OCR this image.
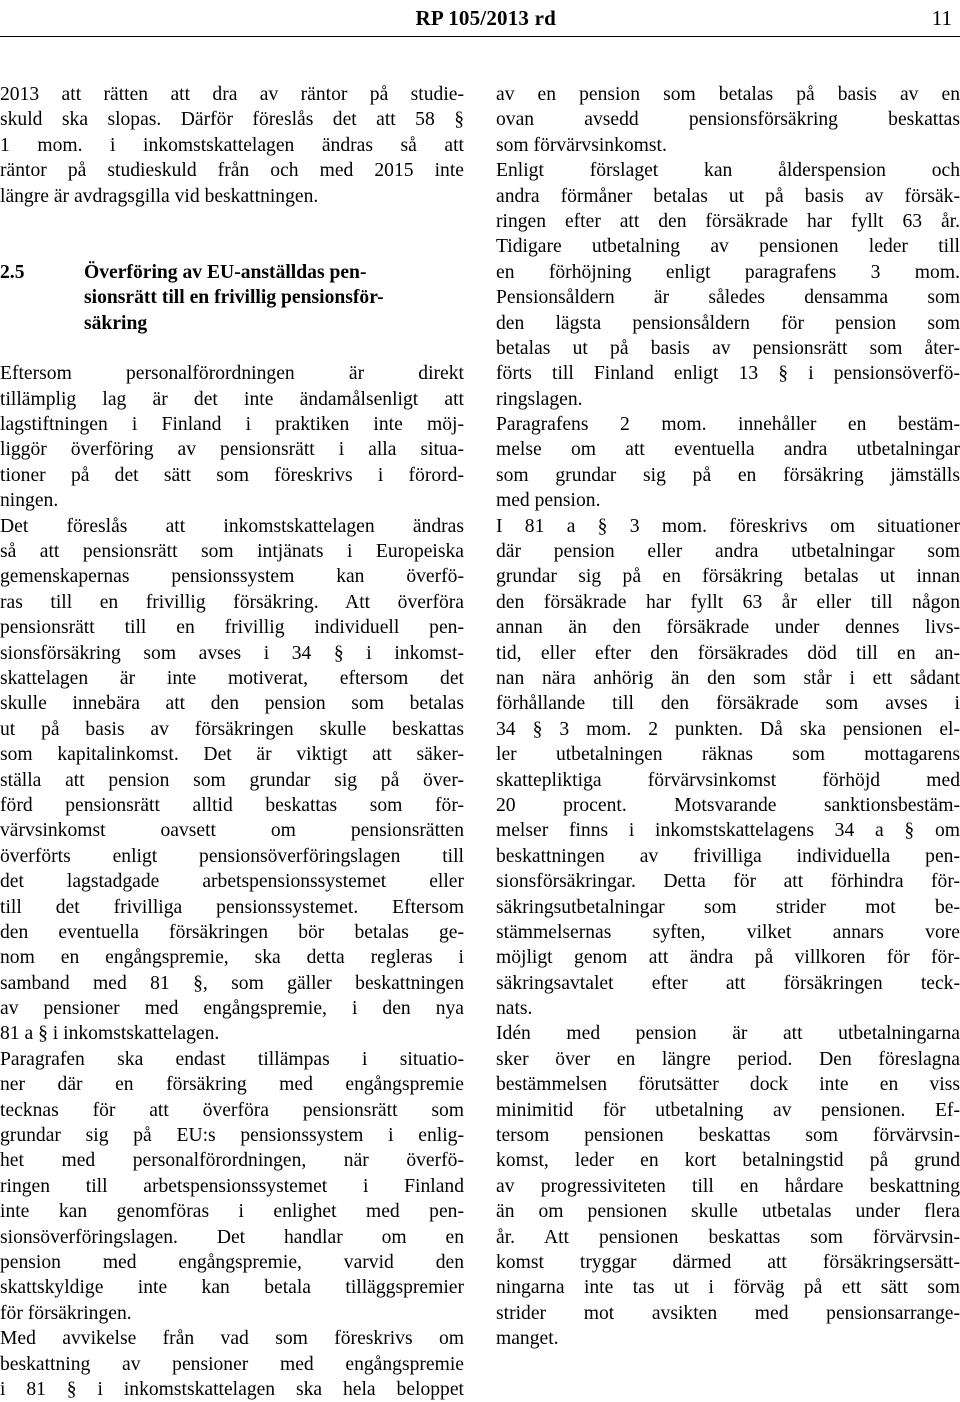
RP 105/2013 rd	11
2013 att rätten att dra av räntor på studie-
skuld ska slopas. Därför föreslås det att 58 §
1 mom. i inkomstskattelagen ändras så att
räntor på studieskuld från och med 2015 inte
längre är avdragsgilla vid beskattningen.
2.5	Överföring av EU-anställdas pen-
sionsrätt till en frivillig pensionsför-
säkring
Eftersom personalförordningen är direkt
tillämplig lag är det inte ändamålsenligt att
lagstiftningen i Finland i praktiken inte möj-
liggör överföring av pensionsrätt i alla situa-
tioner på det sätt som föreskrivs i förord-
ningen.
Det föreslås att inkomstskattelagen ändras
så att pensionsrätt som intjänats i Europeiska
gemenskapernas pensionssystem kan överfö-
ras till en frivillig försäkring. Att överföra
pensionsrätt till en frivillig individuell pen-
sionsförsäkring som avses i 34 § i inkomst-
skattelagen är inte motiverat, eftersom det
skulle innebära att den pension som betalas
ut på basis av försäkringen skulle beskattas
som kapitalinkomst. Det är viktigt att säker-
ställa att pension som grundar sig på över-
förd pensionsrätt alltid beskattas som för-
värvsinkomst oavsett om pensionsrätten
överförts enligt pensionsöverföringslagen till
det lagstadgade arbetspensionssystemet eller
till det frivilliga pensionssystemet. Eftersom
den eventuella försäkringen bör betalas ge-
nom en engångspremie, ska detta regleras i
samband med 81 §, som gäller beskattningen
av pensioner med engångspremie, i den nya
81 a § i inkomstskattelagen.
Paragrafen ska endast tillämpas i situatio-
ner där en försäkring med engångspremie
tecknas för att överföra pensionsrätt som
grundar sig på EU:s pensionssystem i enlig-
het med personalförordningen, när överfö-
ringen till arbetspensionssystemet i Finland
inte kan genomföras i enlighet med pen-
sionsöverföringslagen. Det handlar om en
pension med engångspremie, varvid den
skattskyldige inte kan betala tilläggspremier
för försäkringen.
Med avvikelse från vad som föreskrivs om
beskattning av pensioner med engångspremie
i 81 § i inkomstskattelagen ska hela beloppet
av en pension som betalas på basis av en
ovan avsedd pensionsförsäkring beskattas
som förvärvsinkomst.
Enligt förslaget kan ålderspension och
andra förmåner betalas ut på basis av försäk-
ringen efter att den försäkrade har fyllt 63 år.
Tidigare utbetalning av pensionen leder till
en förhöjning enligt paragrafens 3 mom.
Pensionsåldern är således densamma som
den lägsta pensionsåldern för pension som
betalas ut på basis av pensionsrätt som åter-
förts till Finland enligt 13 § i pensionsöverfö-
ringslagen.
Paragrafens 2 mom. innehåller en bestäm-
melse om att eventuella andra utbetalningar
som grundar sig på en försäkring jämställs
med pension.
I 81 a § 3 mom. föreskrivs om situationer
där pension eller andra utbetalningar som
grundar sig på en försäkring betalas ut innan
den försäkrade har fyllt 63 år eller till någon
annan än den försäkrade under dennes livs-
tid, eller efter den försäkrades död till en an-
nan nära anhörig än den som står i ett sådant
förhållande till den försäkrade som avses i
34 § 3 mom. 2 punkten. Då ska pensionen el-
ler utbetalningen räknas som mottagarens
skattepliktiga förvärvsinkomst förhöjd med
20 procent. Motsvarande sanktionsbestäm-
melser finns i inkomstskattelagens 34 a § om
beskattningen av frivilliga individuella pen-
sionsförsäkringar. Detta för att förhindra för-
säkringsutbetalningar som strider mot be-
stämmelsernas syften, vilket annars vore
möjligt genom att ändra på villkoren för för-
säkringsavtalet efter att försäkringen teck-
nats.
Idén med pension är att utbetalningarna
sker över en längre period. Den föreslagna
bestämmelsen förutsätter dock inte en viss
minimitid för utbetalning av pensionen. Ef-
tersom pensionen beskattas som förvärvsin-
komst, leder en kort betalningstid på grund
av progressiviteten till en hårdare beskattning
än om pensionen skulle utbetalas under flera
år. Att pensionen beskattas som förvärvsin-
komst tryggar därmed att försäkringsersätt-
ningarna inte tas ut i förväg på ett sätt som
strider mot avsikten med pensionsarrange-
manget.
